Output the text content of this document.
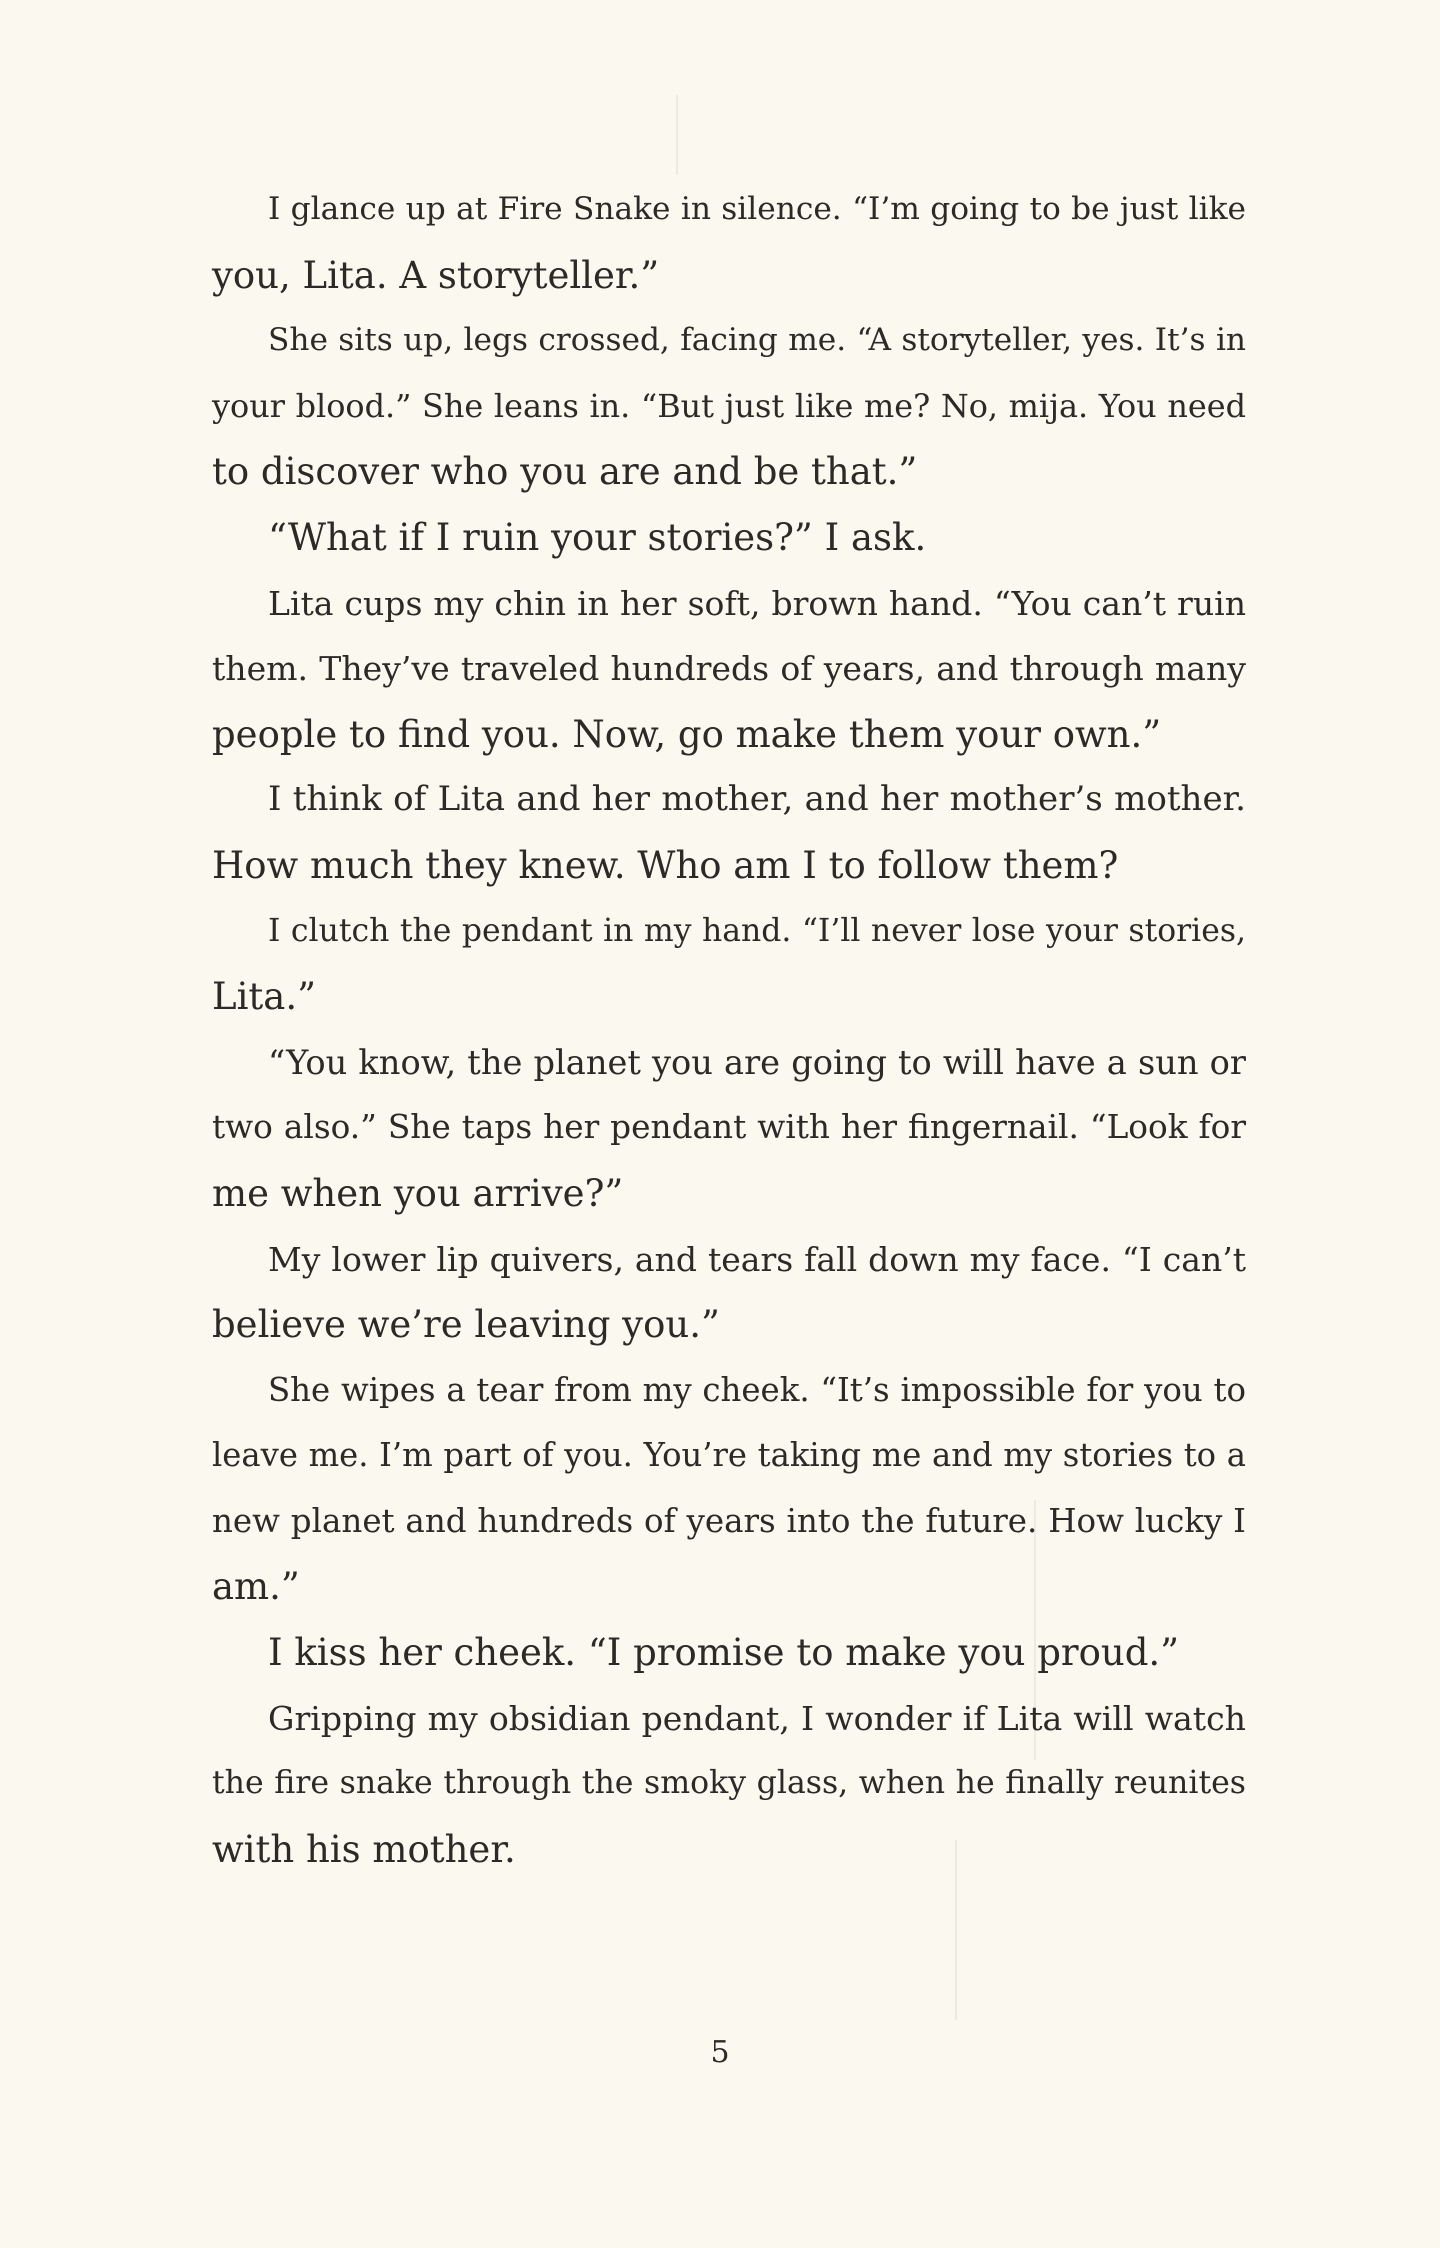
I glance up at Fire Snake in silence. “I’m going to be just like
you, Lita. A storyteller.”
She sits up, legs crossed, facing me. “A storyteller, yes. It’s in
your blood.” She leans in. “But just like me? No, mija. You need
to discover who you are and be that.”
“What if I ruin your stories?” I ask.
Lita cups my chin in her soft, brown hand. “You can’t ruin
them. They’ve traveled hundreds of years, and through many
people to find you. Now, go make them your own.”
I think of Lita and her mother, and her mother’s mother.
How much they knew. Who am I to follow them?
I clutch the pendant in my hand. “I’ll never lose your stories,
Lita.”
“You know, the planet you are going to will have a sun or
two also.” She taps her pendant with her fingernail. “Look for
me when you arrive?”
My lower lip quivers, and tears fall down my face. “I can’t
believe we’re leaving you.”
She wipes a tear from my cheek. “It’s impossible for you to
leave me. I’m part of you. You’re taking me and my stories to a
new planet and hundreds of years into the future. How lucky I
am.”
I kiss her cheek. “I promise to make you proud.”
Gripping my obsidian pendant, I wonder if Lita will watch
the fire snake through the smoky glass, when he finally reunites
with his mother.
5
